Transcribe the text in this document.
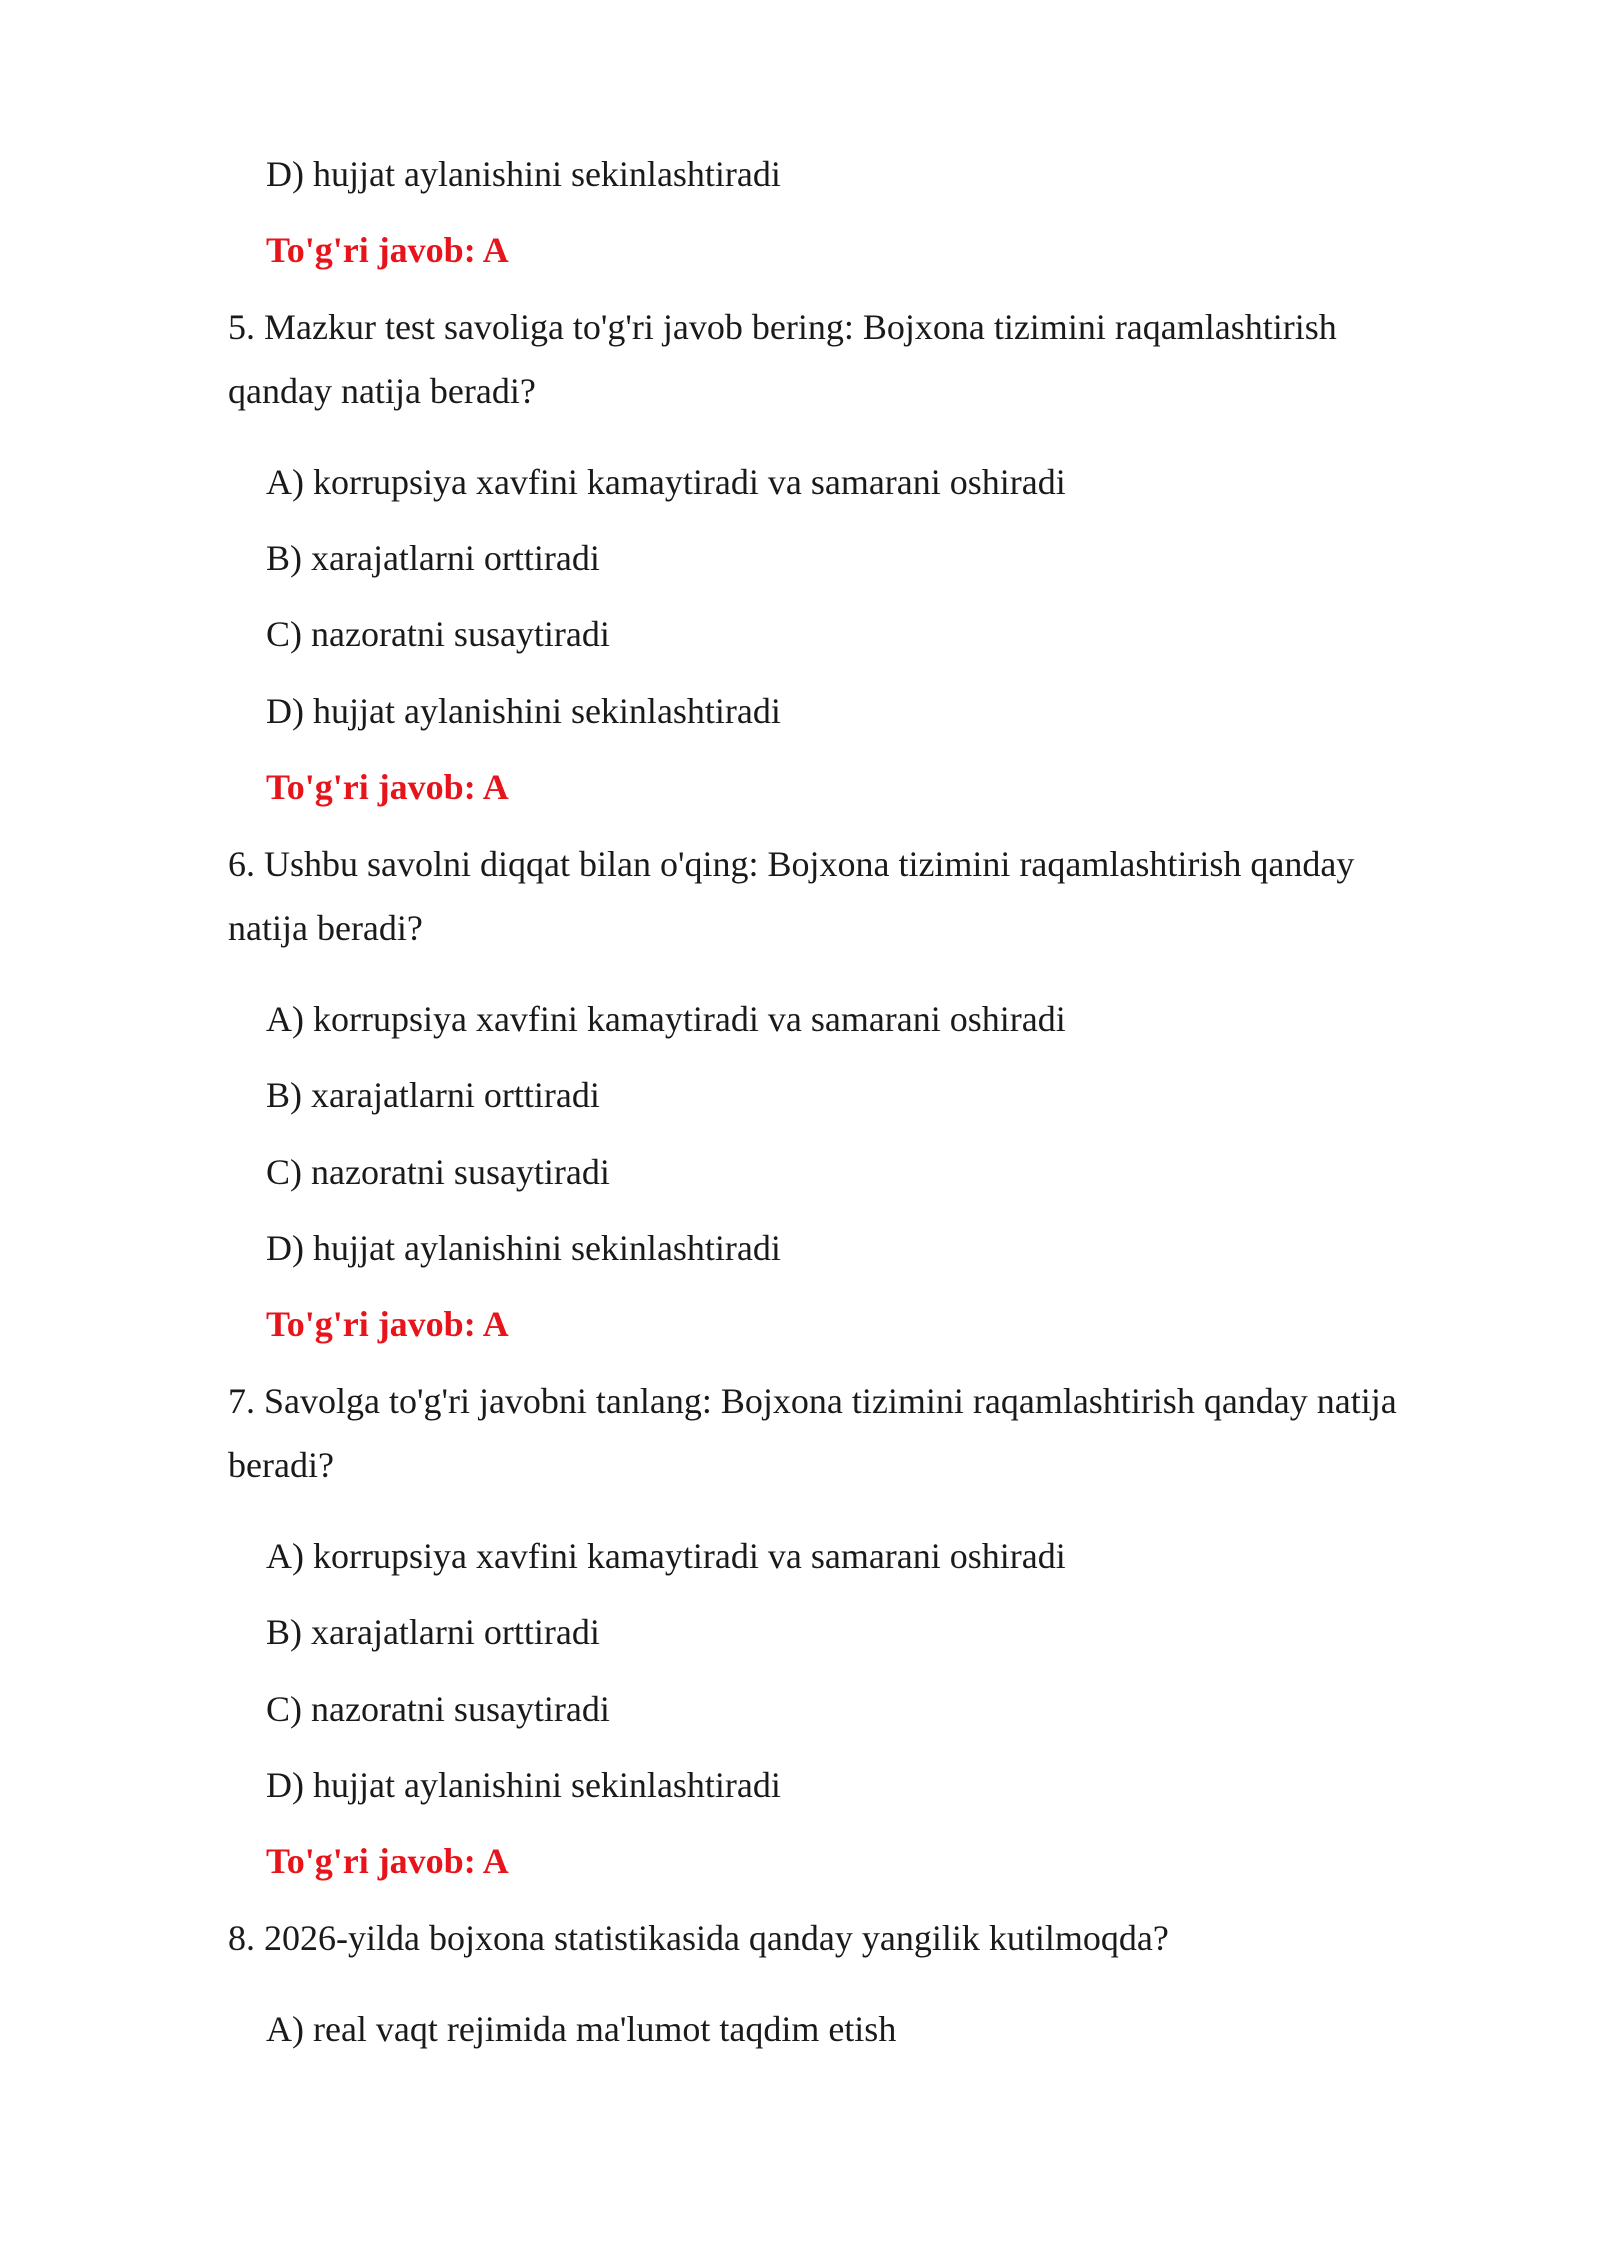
D) hujjat aylanishini sekinlashtiradi
To'g'ri javob: A
5. Mazkur test savoliga to'g'ri javob bering: Bojxona tizimini raqamlashtirish
qanday natija beradi?
A) korrupsiya xavfini kamaytiradi va samarani oshiradi
B) xarajatlarni orttiradi
C) nazoratni susaytiradi
D) hujjat aylanishini sekinlashtiradi
To'g'ri javob: A
6. Ushbu savolni diqqat bilan o'qing: Bojxona tizimini raqamlashtirish qanday
natija beradi?
A) korrupsiya xavfini kamaytiradi va samarani oshiradi
B) xarajatlarni orttiradi
C) nazoratni susaytiradi
D) hujjat aylanishini sekinlashtiradi
To'g'ri javob: A
7. Savolga to'g'ri javobni tanlang: Bojxona tizimini raqamlashtirish qanday natija
beradi?
A) korrupsiya xavfini kamaytiradi va samarani oshiradi
B) xarajatlarni orttiradi
C) nazoratni susaytiradi
D) hujjat aylanishini sekinlashtiradi
To'g'ri javob: A
8. 2026-yilda bojxona statistikasida qanday yangilik kutilmoqda?
A) real vaqt rejimida ma'lumot taqdim etish
